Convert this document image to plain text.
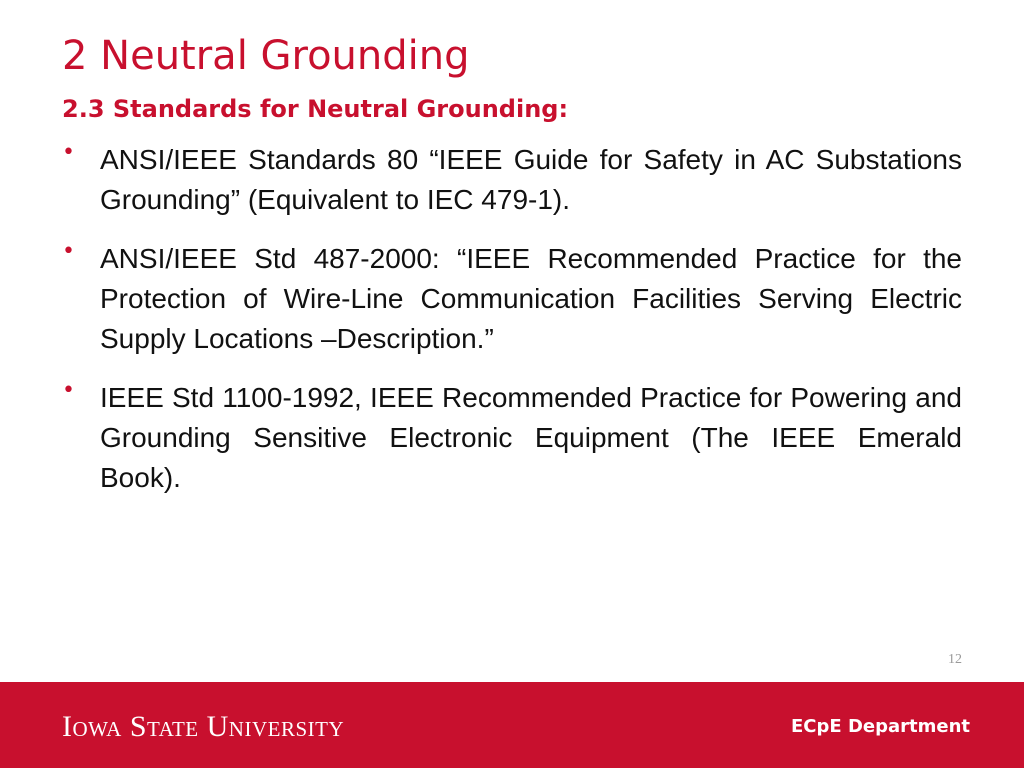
2 Neutral Grounding
2.3 Standards for Neutral Grounding:
• ANSI/IEEE Standards 80 “IEEE Guide for Safety in AC Substations Grounding” (Equivalent to IEC 479-1).
• ANSI/IEEE Std 487-2000: “IEEE Recommended Practice for the Protection of Wire-Line Communication Facilities Serving Electric Supply Locations –Description.”
• IEEE Std 1100-1992, IEEE Recommended Practice for Powering and Grounding Sensitive Electronic Equipment (The IEEE Emerald Book).
12
Iowa State University	ECpE Department
